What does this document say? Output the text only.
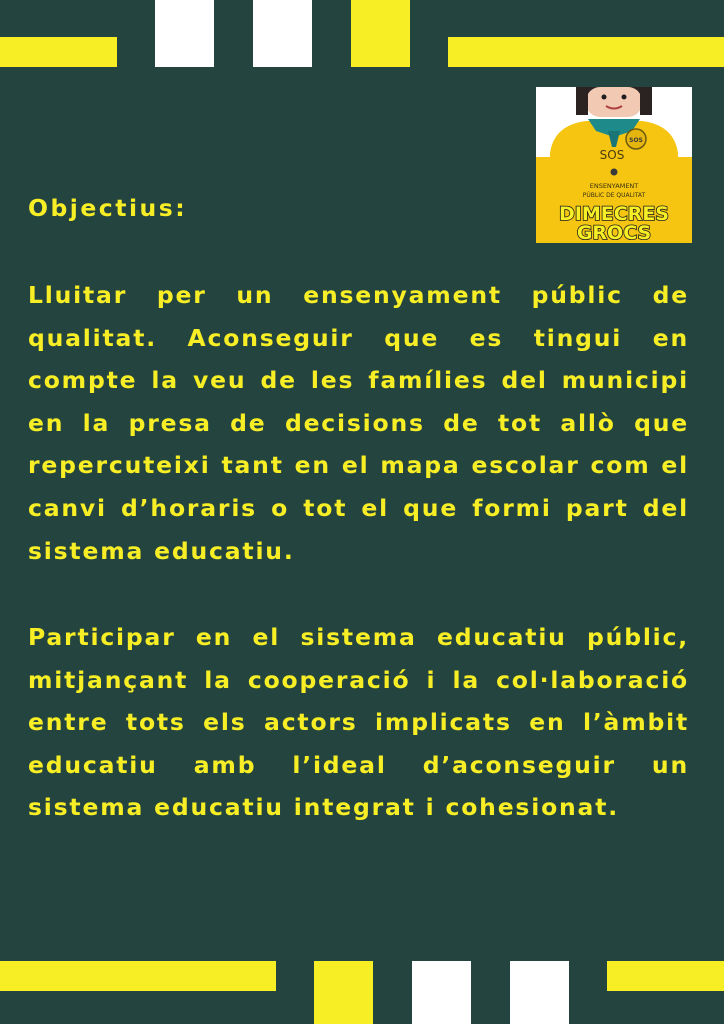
SOS
SOS
ENSENYAMENT
PÚBLIC DE QUALITAT
DIMECRES
GROCS
Objectius:

Lluitar per un ensenyament públic de qualitat. Aconseguir que es tingui en compte la veu de les famílies del municipi en la presa de decisions de tot allò que repercuteixi tant en el mapa escolar com el canvi d’horaris o tot el que formi part del sistema educatiu.

Participar en el sistema educatiu públic, mitjançant la cooperació i la col·laboració entre tots els actors implicats en l’àmbit educatiu amb l’ideal d’aconseguir un sistema educatiu integrat i cohesionat.
